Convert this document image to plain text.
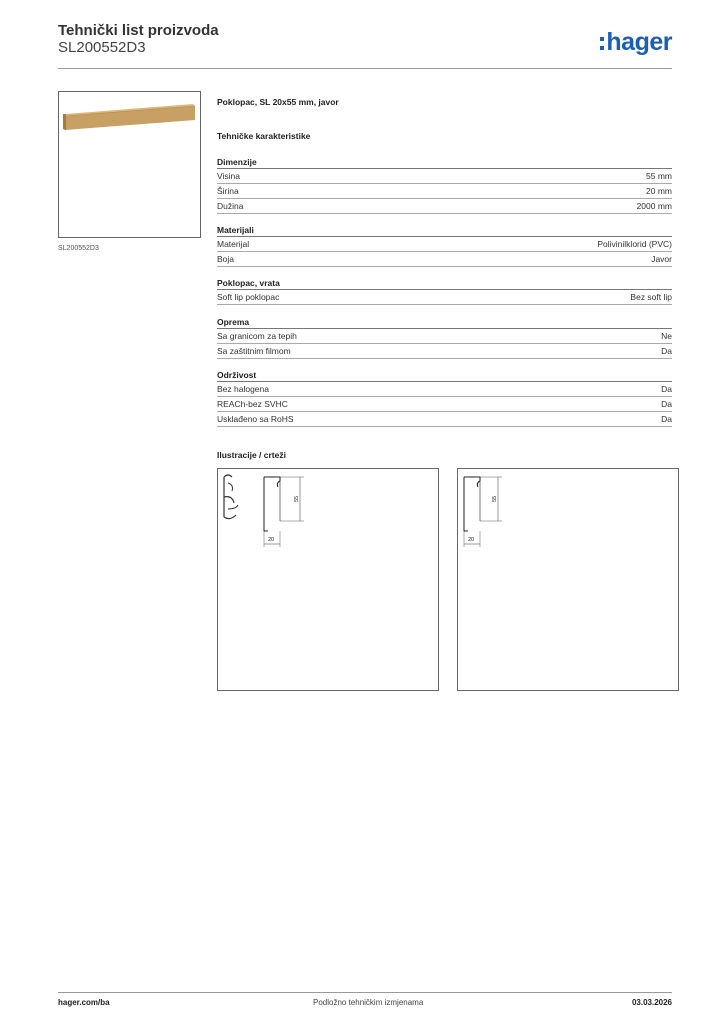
Tehnički list proizvoda
SL200552D3	hager
SL200552D3
Poklopac, SL 20x55 mm, javor
Tehničke karakteristike
Dimenzije
Visina	55 mm
Širina	20 mm
Dužina	2000 mm
Materijali
Materijal	Polivinilklorid (PVC)
Boja	Javor
Poklopac, vrata
Soft lip poklopac	Bez soft lip
Oprema
Sa granicom za tepih	Ne
Sa zaštitnim filmom	Da
Održivost
Bez halogena	Da
REACh-bez SVHC	Da
Usklađeno sa RoHS	Da
Ilustracije / crteži
55
20
55
20
hager.com/ba	Podložno tehničkim izmjenama	03.03.2026
